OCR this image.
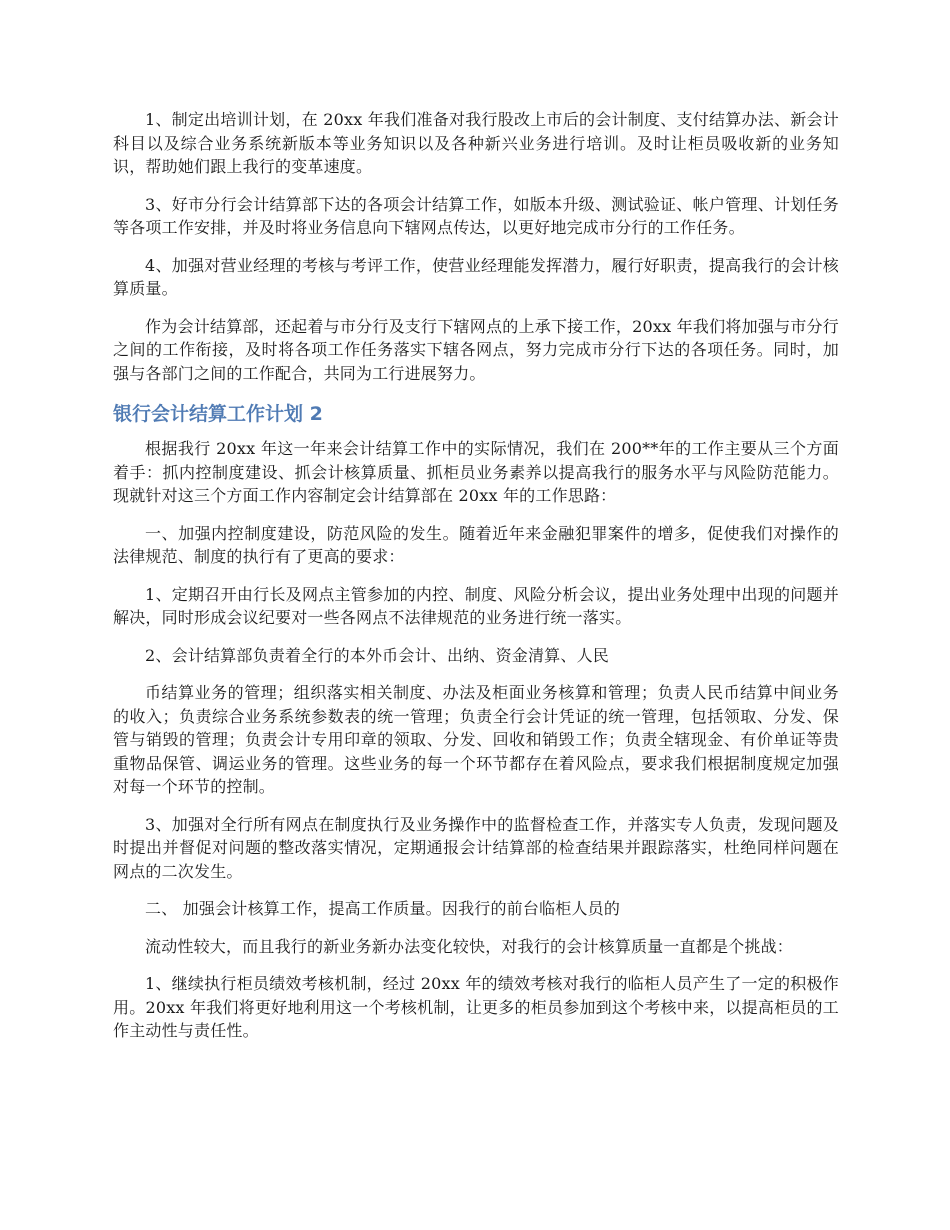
1、制定出培训计划，在 20xx 年我们准备对我行股改上市后的会计制度、支付结算办法、新会计科目以及综合业务系统新版本等业务知识以及各种新兴业务进行培训。及时让柜员吸收新的业务知识，帮助她们跟上我行的变革速度。

3、好市分行会计结算部下达的各项会计结算工作，如版本升级、测试验证、帐户管理、计划任务等各项工作安排，并及时将业务信息向下辖网点传达，以更好地完成市分行的工作任务。

4、加强对营业经理的考核与考评工作，使营业经理能发挥潜力，履行好职责，提高我行的会计核算质量。

作为会计结算部，还起着与市分行及支行下辖网点的上承下接工作，20xx 年我们将加强与市分行之间的工作衔接，及时将各项工作任务落实下辖各网点，努力完成市分行下达的各项任务。同时，加强与各部门之间的工作配合，共同为工行进展努力。

银行会计结算工作计划 2

根据我行 20xx 年这一年来会计结算工作中的实际情况，我们在 200**年的工作主要从三个方面着手：抓内控制度建设、抓会计核算质量、抓柜员业务素养以提高我行的服务水平与风险防范能力。现就针对这三个方面工作内容制定会计结算部在 20xx 年的工作思路：

一、加强内控制度建设，防范风险的发生。随着近年来金融犯罪案件的增多，促使我们对操作的法律规范、制度的执行有了更高的要求：

1、定期召开由行长及网点主管参加的内控、制度、风险分析会议，提出业务处理中出现的问题并解决，同时形成会议纪要对一些各网点不法律规范的业务进行统一落实。

2、会计结算部负责着全行的本外币会计、出纳、资金清算、人民

币结算业务的管理；组织落实相关制度、办法及柜面业务核算和管理；负责人民币结算中间业务的收入；负责综合业务系统参数表的统一管理；负责全行会计凭证的统一管理，包括领取、分发、保管与销毁的管理；负责会计专用印章的领取、分发、回收和销毁工作；负责全辖现金、有价单证等贵重物品保管、调运业务的管理。这些业务的每一个环节都存在着风险点，要求我们根据制度规定加强对每一个环节的控制。

3、加强对全行所有网点在制度执行及业务操作中的监督检查工作，并落实专人负责，发现问题及时提出并督促对问题的整改落实情况，定期通报会计结算部的检查结果并跟踪落实，杜绝同样问题在网点的二次发生。

二、 加强会计核算工作，提高工作质量。因我行的前台临柜人员的

流动性较大，而且我行的新业务新办法变化较快，对我行的会计核算质量一直都是个挑战：

1、继续执行柜员绩效考核机制，经过 20xx 年的绩效考核对我行的临柜人员产生了一定的积极作用。20xx 年我们将更好地利用这一个考核机制，让更多的柜员参加到这个考核中来，以提高柜员的工作主动性与责任性。
